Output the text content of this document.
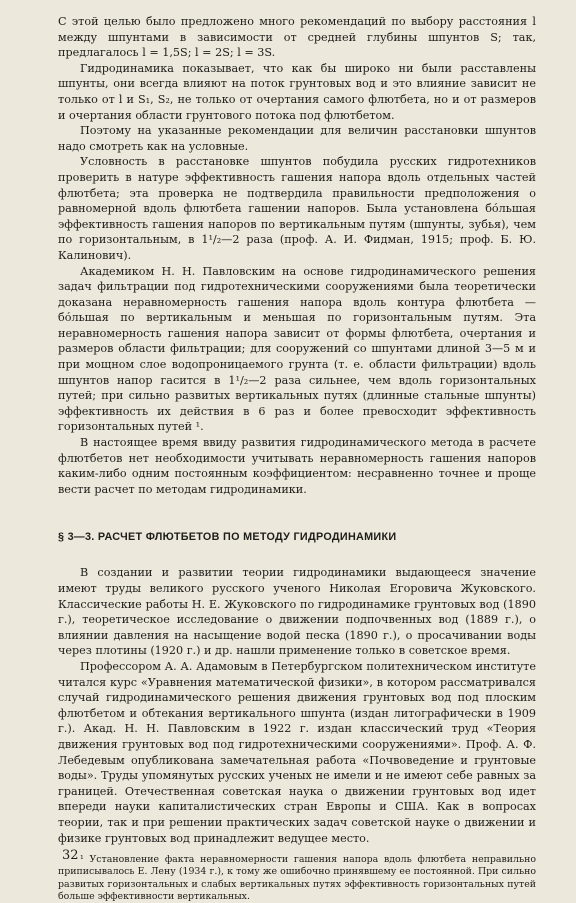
С этой целью было предложено много рекомендаций по выбору расстояния l между шпунтами в зависимости от средней глубины шпунтов S; так, предлагалось l = 1,5S; l = 2S; l = 3S.

Гидродинамика показывает, что как бы широко ни были расставлены шпунты, они всегда влияют на поток грунтовых вод и это влияние зависит не только от l и S₁, S₂, не только от очертания самого флютбета, но и от размеров и очертания области грунтового потока под флютбетом.

Поэтому на указанные рекомендации для величин расстановки шпунтов надо смотреть как на условные.

Условность в расстановке шпунтов побудила русских гидротехников проверить в натуре эффективность гашения напора вдоль отдельных частей флютбета; эта проверка не подтвердила правильности предположения о равномерной вдоль флютбета гашении напоров. Была установлена бо́льшая эффективность гашения напоров по вертикальным путям (шпунты, зубья), чем по горизонтальным, в 1¹/₂—2 раза (проф. А. И. Фидман, 1915; проф. Б. Ю. Калинович).

Академиком Н. Н. Павловским на основе гидродинамического решения задач фильтрации под гидротехническими сооружениями была теоретически доказана неравномерность гашения напора вдоль контура флютбета — бо́льшая по вертикальным и меньшая по горизонтальным путям. Эта неравномерность гашения напора зависит от формы флютбета, очертания и размеров области фильтрации; для сооружений со шпунтами длиной 3—5 м и при мощном слое водопроницаемого грунта (т. е. области фильтрации) вдоль шпунтов напор гасится в 1¹/₂—2 раза сильнее, чем вдоль горизонтальных путей; при сильно развитых вертикальных путях (длинные стальные шпунты) эффективность их действия в 6 раз и более превосходит эффективность горизонтальных путей ¹.

В настоящее время ввиду развития гидродинамического метода в расчете флютбетов нет необходимости учитывать неравномерность гашения напоров каким-либо одним постоянным коэффициентом: несравненно точнее и проще вести расчет по методам гидродинамики.

§ 3—3. РАСЧЕТ ФЛЮТБЕТОВ ПО МЕТОДУ ГИДРОДИНАМИКИ

В создании и развитии теории гидродинамики выдающееся значение имеют труды великого русского ученого Николая Егоровича Жуковского. Классические работы Н. Е. Жуковского по гидродинамике грунтовых вод (1890 г.), теоретическое исследование о движении подпочвенных вод (1889 г.), о влиянии давления на насыщение водой песка (1890 г.), о просачивании воды через плотины (1920 г.) и др. нашли применение только в советское время.

Профессором А. А. Адамовым в Петербургском политехническом институте читался курс «Уравнения математической физики», в котором рассматривался случай гидродинамического решения движения грунтовых вод под плоским флютбетом и обтекания вертикального шпунта (издан литографически в 1909 г.). Акад. Н. Н. Павловским в 1922 г. издан классический труд «Теория движения грунтовых вод под гидротехническими сооружениями». Проф. А. Ф. Лебедевым опубликована замечательная работа «Почвоведение и грунтовые воды». Труды упомянутых русских ученых не имели и не имеют себе равных за границей. Отечественная советская наука о движении грунтовых вод идет впереди науки капиталистических стран Европы и США. Как в вопросах теории, так и при решении практических задач советской науке о движении и физике грунтовых вод принадлежит ведущее место.

¹ Установление факта неравномерности гашения напора вдоль флютбета неправильно приписывалось Е. Лену (1934 г.), к тому же ошибочно принявшему ее постоянной. При сильно развитых горизонтальных и слабых вертикальных путях эффективность горизонтальных путей больше эффективности вертикальных.

32
